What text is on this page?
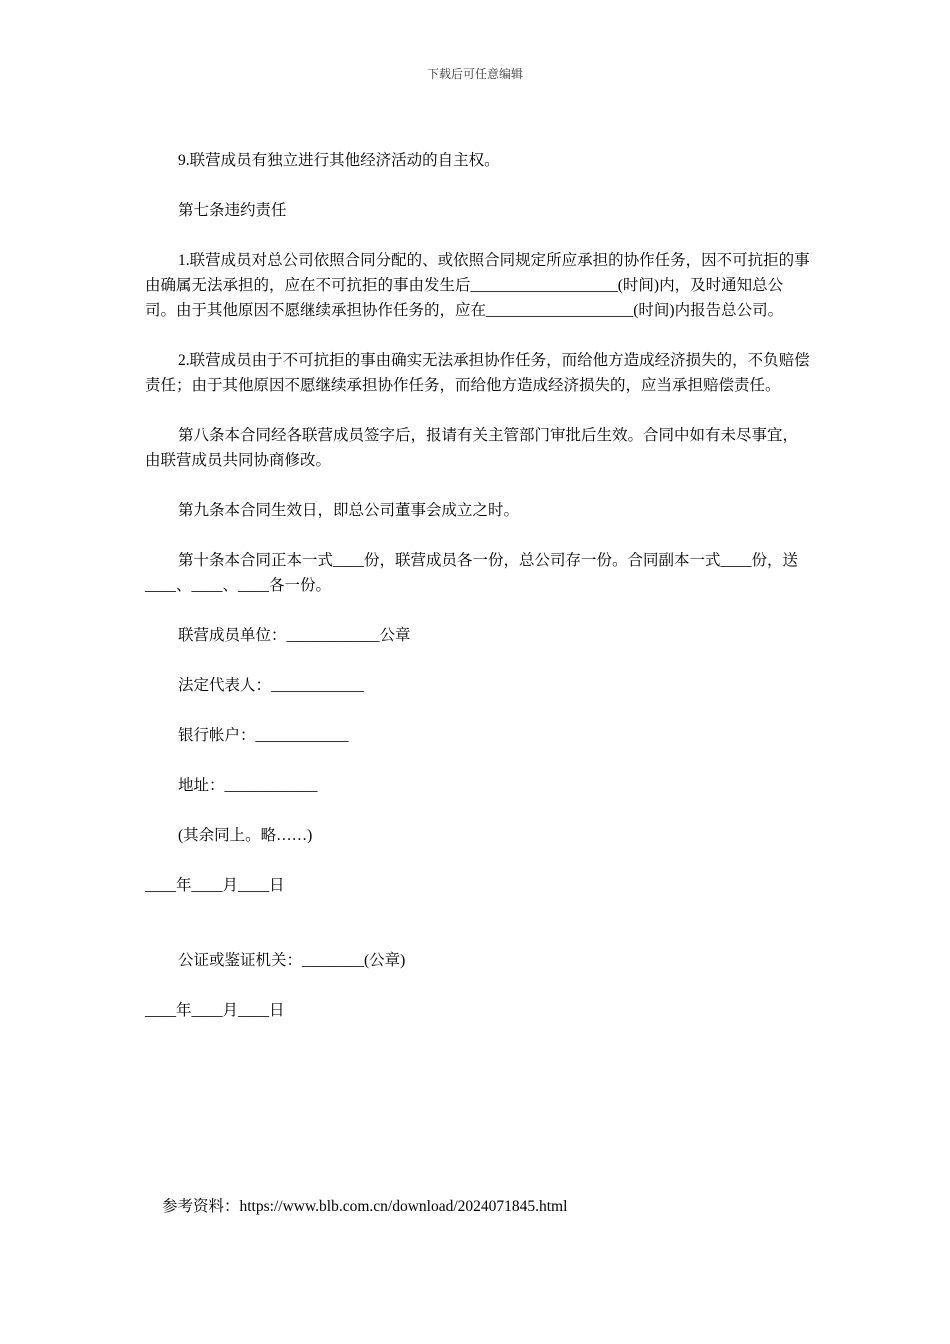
下载后可任意编辑

9.联营成员有独立进行其他经济活动的自主权。

第七条违约责任

1.联营成员对总公司依照合同分配的、或依照合同规定所应承担的协作任务，因不可抗拒的事由确属无法承担的，应在不可抗拒的事由发生后___________________(时间)内，及时通知总公司。由于其他原因不愿继续承担协作任务的，应在___________________(时间)内报告总公司。

2.联营成员由于不可抗拒的事由确实无法承担协作任务，而给他方造成经济损失的，不负赔偿责任；由于其他原因不愿继续承担协作任务，而给他方造成经济损失的，应当承担赔偿责任。

第八条本合同经各联营成员签字后，报请有关主管部门审批后生效。合同中如有未尽事宜，由联营成员共同协商修改。

第九条本合同生效日，即总公司董事会成立之时。

第十条本合同正本一式____份，联营成员各一份，总公司存一份。合同副本一式____份，送____、____、____各一份。

联营成员单位：____________公章

法定代表人：____________

银行帐户：____________

地址：____________

(其余同上。略……)

____年____月____日

公证或鉴证机关：________(公章)

____年____月____日

参考资料：https://www.blb.com.cn/download/2024071845.html
